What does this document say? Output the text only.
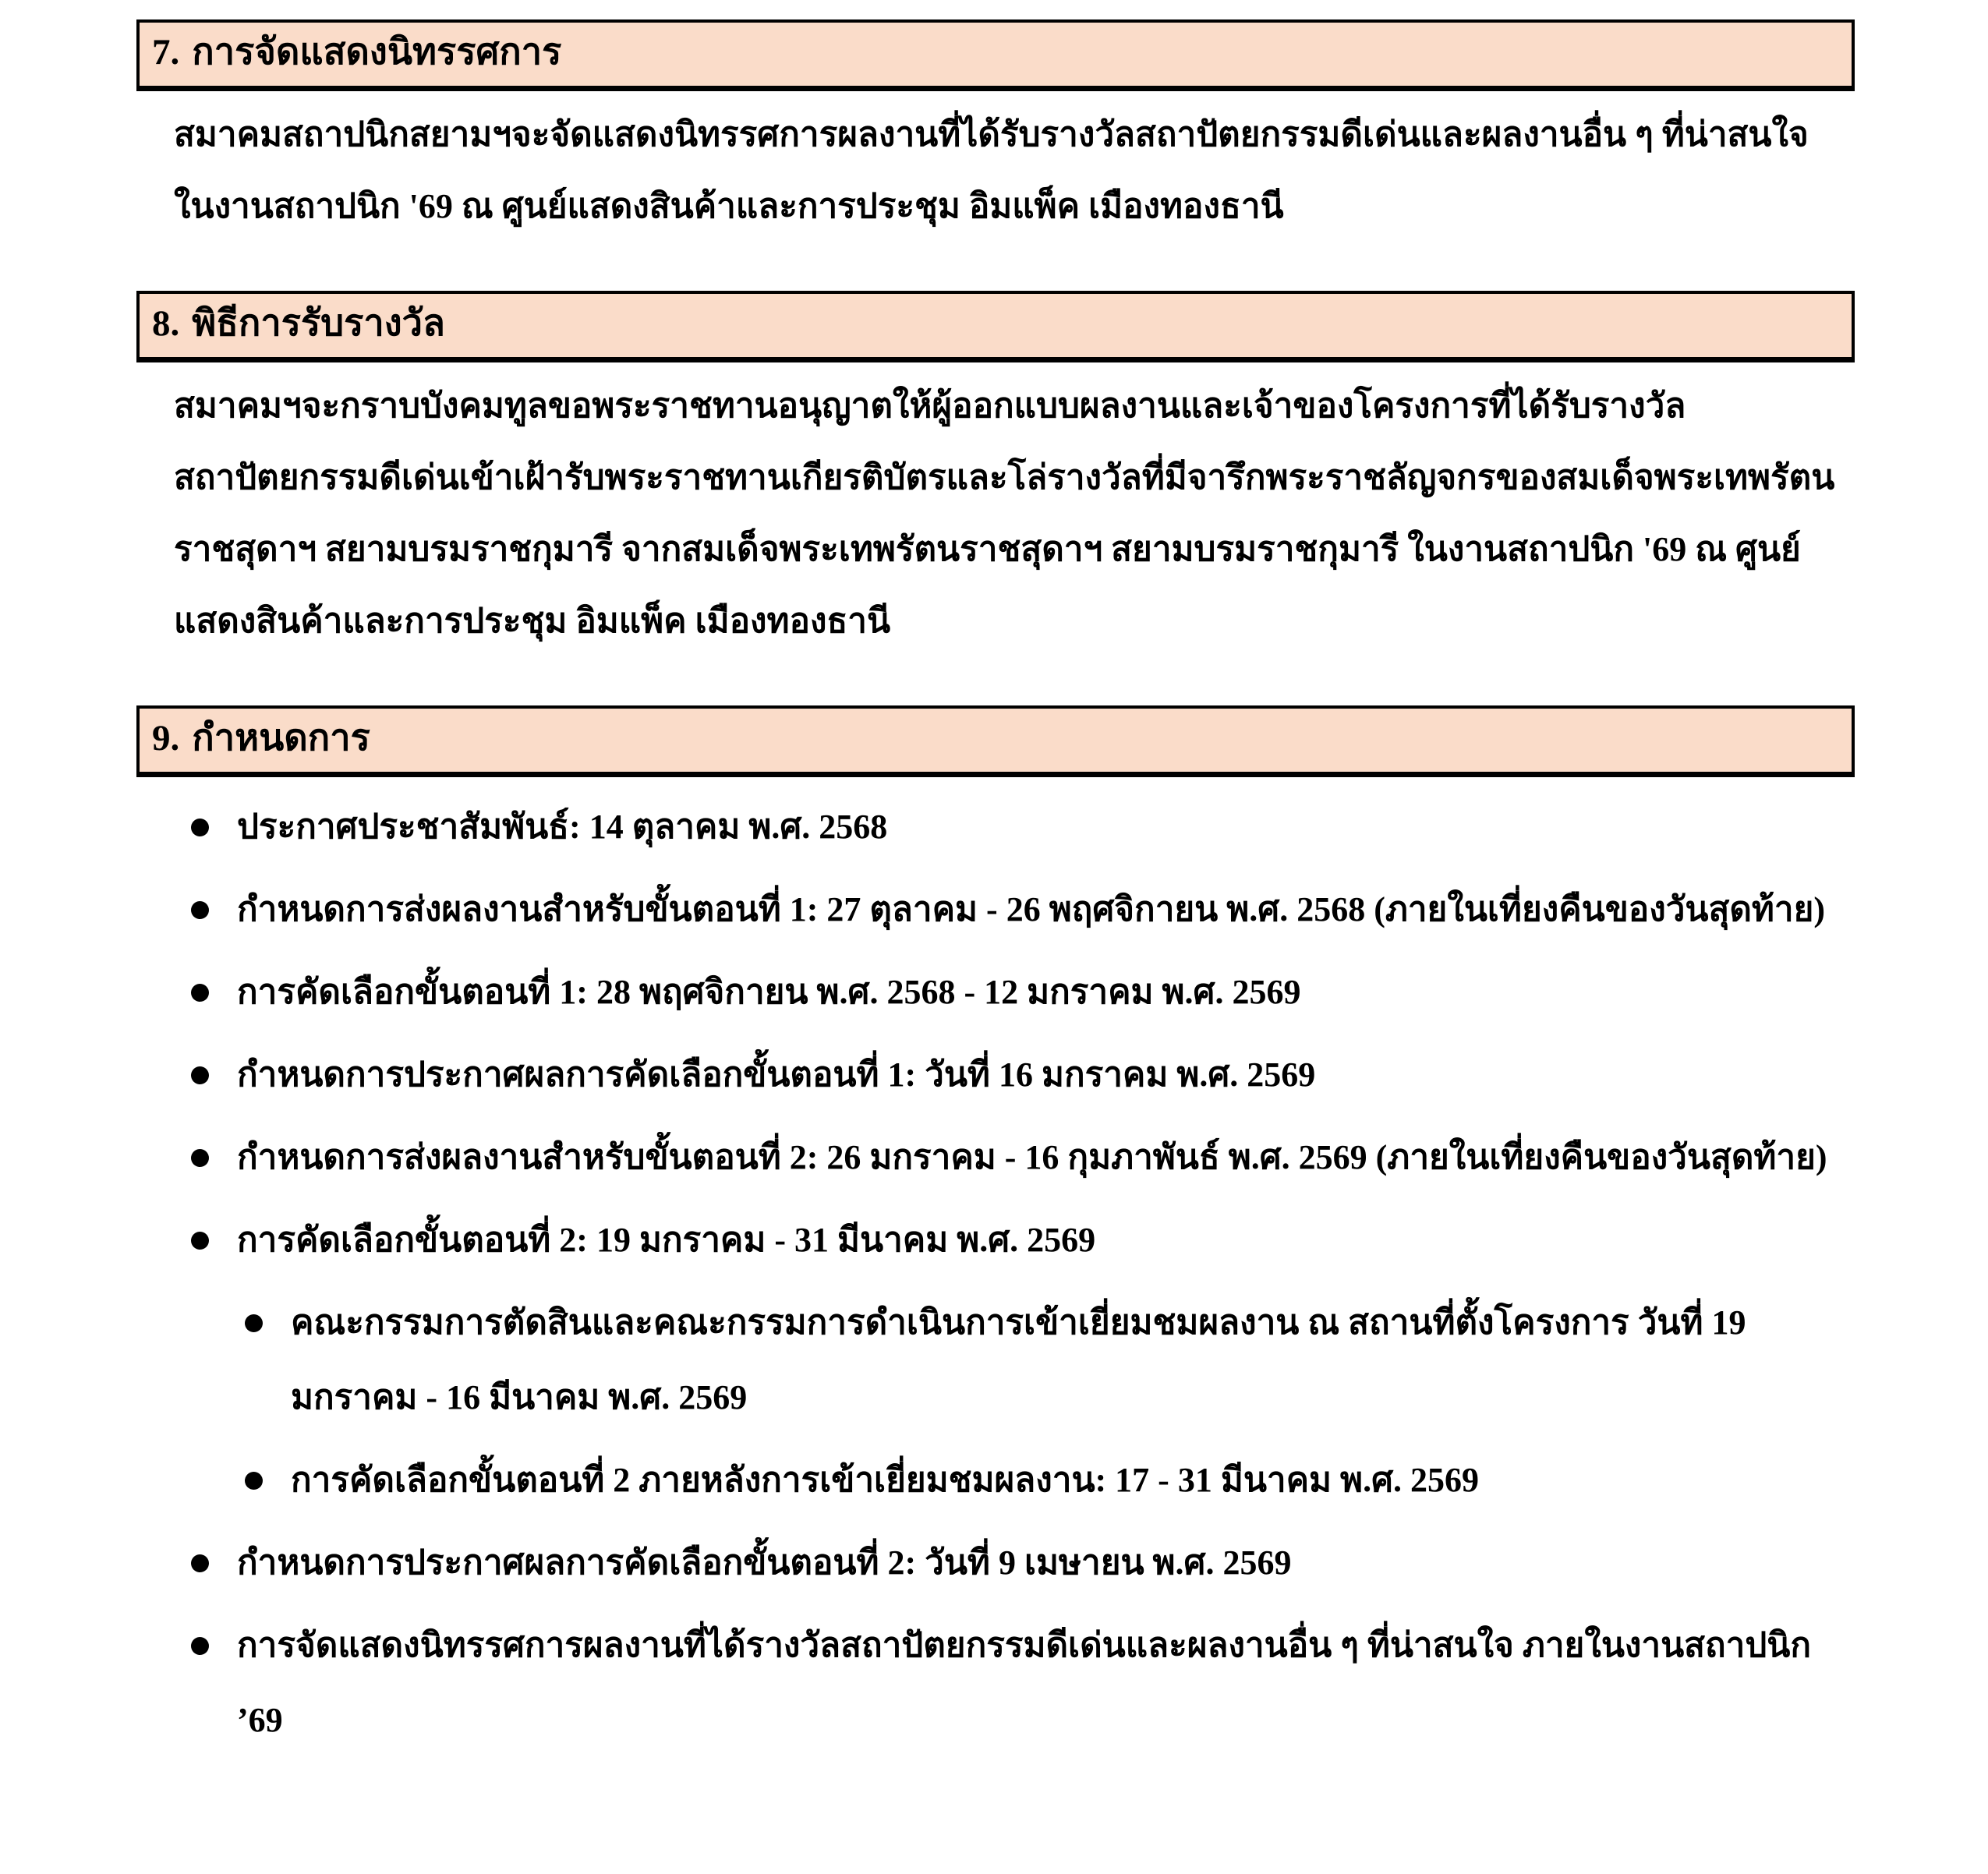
7. การจัดแสดงนิทรรศการ
สมาคมสถาปนิกสยามฯจะจัดแสดงนิทรรศการผลงานที่ได้รับรางวัลสถาปัตยกรรมดีเด่นและผลงานอื่น ๆ ที่น่าสนใจ ในงานสถาปนิก '69 ณ ศูนย์แสดงสินค้าและการประชุม อิมแพ็ค เมืองทองธานี
8. พิธีการรับรางวัล
สมาคมฯจะกราบบังคมทูลขอพระราชทานอนุญาตให้ผู้ออกแบบผลงานและเจ้าของโครงการที่ได้รับรางวัลสถาปัตยกรรมดีเด่นเข้าเฝ้ารับพระราชทานเกียรติบัตรและโล่รางวัลที่มีจารึกพระราชลัญจกรของสมเด็จพระเทพรัตนราชสุดาฯ สยามบรมราชกุมารี จากสมเด็จพระเทพรัตนราชสุดาฯ สยามบรมราชกุมารี ในงานสถาปนิก '69 ณ ศูนย์แสดงสินค้าและการประชุม อิมแพ็ค เมืองทองธานี
9. กำหนดการ
ประกาศประชาสัมพันธ์: 14 ตุลาคม พ.ศ. 2568
กำหนดการส่งผลงานสำหรับขั้นตอนที่ 1: 27 ตุลาคม - 26 พฤศจิกายน พ.ศ. 2568 (ภายในเที่ยงคืนของวันสุดท้าย)
การคัดเลือกขั้นตอนที่ 1: 28 พฤศจิกายน พ.ศ. 2568 - 12 มกราคม พ.ศ. 2569
กำหนดการประกาศผลการคัดเลือกขั้นตอนที่ 1: วันที่ 16 มกราคม พ.ศ. 2569
กำหนดการส่งผลงานสำหรับขั้นตอนที่ 2: 26 มกราคม - 16 กุมภาพันธ์ พ.ศ. 2569 (ภายในเที่ยงคืนของวันสุดท้าย)
การคัดเลือกขั้นตอนที่ 2: 19 มกราคม - 31 มีนาคม พ.ศ. 2569
คณะกรรมการตัดสินและคณะกรรมการดำเนินการเข้าเยี่ยมชมผลงาน ณ สถานที่ตั้งโครงการ วันที่ 19 มกราคม - 16 มีนาคม พ.ศ. 2569
การคัดเลือกขั้นตอนที่ 2 ภายหลังการเข้าเยี่ยมชมผลงาน: 17 - 31 มีนาคม พ.ศ. 2569
กำหนดการประกาศผลการคัดเลือกขั้นตอนที่ 2: วันที่ 9 เมษายน พ.ศ. 2569
การจัดแสดงนิทรรศการผลงานที่ได้รางวัลสถาปัตยกรรมดีเด่นและผลงานอื่น ๆ ที่น่าสนใจ ภายในงานสถาปนิก ’69
